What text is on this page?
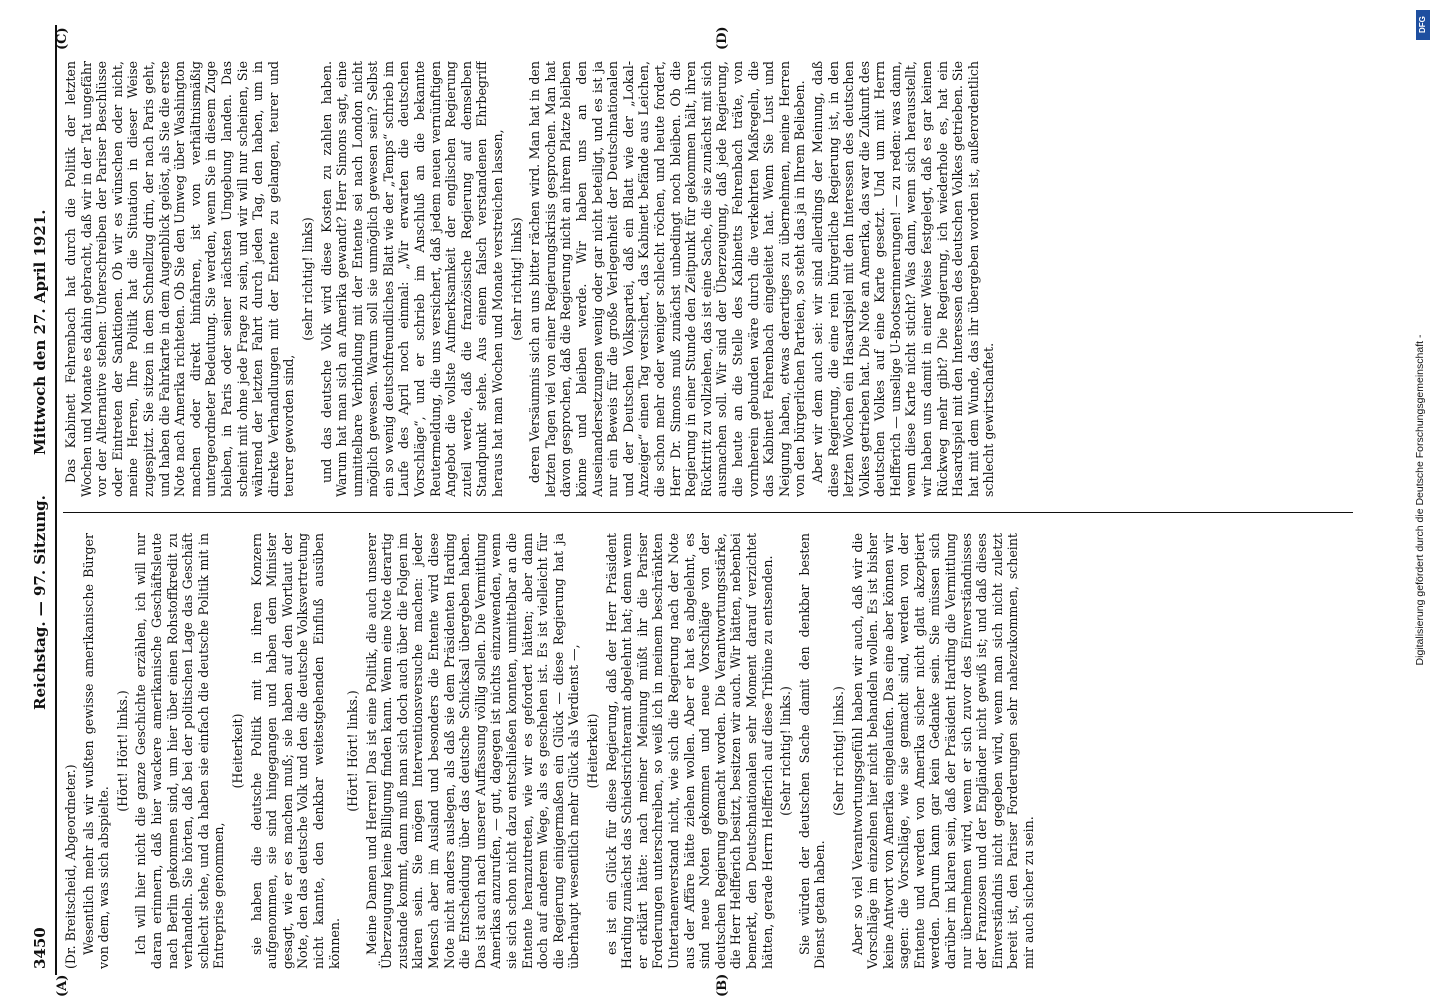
3450
Reichstag. — 97. Sitzung.
Mittwoch den 27. April 1921.
(A)	(B)
(C)	(D)

(Dr. Breitscheid, Abgeordneter.) Wesentlich mehr als wir wußten gewisse amerikanische Bürger von dem, was sich abspielte.

(Hört! Hört! links.) Ich will hier nicht die ganze Geschichte erzählen, ich will nur daran erinnern, daß hier wackere amerikanische Geschäftsleute nach Berlin gekommen sind, um hier über einen Rohstoffkredit zu verhandeln. Sie hörten, daß bei der politischen Lage das Geschäft schlecht stehe, und da haben sie einfach die deutsche Politik mit in Entreprise genommen,

(Heiterkeit) sie haben die deutsche Politik mit in ihren Konzern aufgenommen, sie sind hingegangen und haben dem Minister gesagt, wie er es machen muß; sie haben auf den Wortlaut der Note, den das deutsche Volk und den die deutsche Volksvertretung nicht kannte, den denkbar weitestgehenden Einfluß ausüben können.

(Hört! Hört! links.) Meine Damen und Herren! Das ist eine Politik, die auch unserer Überzeugung keine Billigung finden kann. Wenn eine Note derartig zustande kommt, dann muß man sich doch auch über die Folgen im klaren sein. Sie mögen Interventionsversuche machen: jeder Mensch aber im Ausland und besonders die Entente wird diese Note nicht anders auslegen, als daß sie dem Präsidenten Harding die Entscheidung über das deutsche Schicksal übergeben haben. Das ist auch nach unserer Auffassung völlig sollen. Die Vermittlung Amerikas anzurufen, — gut, dagegen ist nichts einzuwenden, wenn sie sich schon nicht dazu entschließen konnten, unmittelbar an die Entente heranzutreten, wie wir es gefordert hätten; aber dann doch auf anderem Wege, als es geschehen ist. Es ist vielleicht für die Regierung einigermaßen ein Glück — diese Regierung hat ja überhaupt wesentlich mehr Glück als Verdienst —, (Heiterkeit) es ist ein Glück für diese Regierung, daß der Herr Präsident Harding zunächst das Schiedsrichteramt abgelehnt hat; denn wenn er erklärt hätte: nach meiner Meinung müßt ihr die Pariser Forderungen unterschreiben, so weiß ich in meinem beschränkten Untertanenverstand nicht, wie sich die Regierung nach der Note aus der Affäre hätte ziehen wollen. Aber er hat es abgelehnt, es sind neue Noten gekommen und neue Vorschläge von der deutschen Regierung gemacht worden. Die Verantwortungsstärke, die Herr Helfferich besitzt, besitzen wir auch. Wir hätten, nebenbei bemerkt, den Deutschnationalen sehr Moment darauf verzichtet hätten, gerade Herrn Helfferich auf diese Tribüne zu entsenden. (Sehr richtig! links.) Sie würden der deutschen Sache damit den denkbar besten Dienst getan haben.

(Sehr richtig! links.) Aber so viel Verantwortungsgefühl haben wir auch, daß wir die Vorschläge im einzelnen hier nicht behandeln wollen. Es ist bisher keine Antwort von Amerika eingelaufen. Das eine aber können wir sagen: die Vorschläge, wie sie gemacht sind, werden von der Entente und werden von Amerika sicher nicht glatt akzeptiert werden. Darum kann gar kein Gedanke sein. Sie müssen sich darüber im klaren sein, daß der Präsident Harding die Vermittlung nur übernehmen wird, wenn er sich zuvor des Einverständnisses der Franzosen und der Engländer nicht gewiß ist; und daß dieses Einverständnis nicht gegeben wird, wenn man sich nicht zuletzt bereit ist, den Pariser Forderungen sehr nahezukommen, scheint mir auch sicher zu sein.

Das Kabinett Fehrenbach hat durch die Politik der letzten Wochen und Monate es dahin gebracht, daß wir in der Tat ungefähr vor der Alternative stehen: Unterschreiben der Pariser Beschlüsse oder Eintreten der Sanktionen. Ob wir es wünschen oder nicht, meine Herren, Ihre Politik hat die Situation in dieser Weise zugespitzt. Sie sitzen in dem Schnellzug drin, der nach Paris geht, und haben die Fahrkarte in dem Augenblick gelöst, als Sie die erste Note nach Amerika richteten. Ob Sie den Umweg über Washington machen oder direkt hinfahren, ist von verhältnismäßig untergeordneter Bedeutung. Sie werden, wenn Sie in diesem Zuge bleiben, in Paris oder seiner nächsten Umgebung landen. Das scheint mit ohne jede Frage zu sein, und wir will nur scheinen, Sie während der letzten Fahrt durch jeden Tag, den haben, um in direkte Verhandlungen mit der Entente zu gelangen, teurer und teurer geworden sind,

(sehr richtig! links) und das deutsche Volk wird diese Kosten zu zahlen haben. Warum hat man sich an Amerika gewandt? Herr Simons sagt, eine unmittelbare Verbindung mit der Entente sei nach London nicht möglich gewesen. Warum soll sie unmöglich gewesen sein? Selbst ein so wenig deutschfreundliches Blatt wie der „Temps“ schrieb im Laufe des April noch einmal: „Wir erwarten die deutschen Vorschläge“, und er schrieb im Anschluß an die bekannte Reutermeldung, die uns versichert, daß jedem neuen vernünftigen Angebot die vollste Aufmerksamkeit der englischen Regierung zuteil werde, daß die französische Regierung auf demselben Standpunkt stehe. Aus einem falsch verstandenen Ehrbegriff heraus hat man Wochen und Monate verstreichen lassen, (sehr richtig! links) deren Versäumnis sich an uns bitter rächen wird. Man hat in den letzten Tagen viel von einer Regierungskrisis gesprochen. Man hat davon gesprochen, daß die Regierung nicht an ihrem Platze bleiben könne und bleiben werde. Wir haben uns an den Auseinandersetzungen wenig oder gar nicht beteiligt, und es ist ja nur ein Beweis für die große Verlegenheit der Deutschnationalen und der Deutschen Volkspartei, daß ein Blatt wie der „Lokal-Anzeiger“ einen Tag versichert, das Kabinett befände aus Leichen, die schon mehr oder weniger schlecht röchen, und heute fordert, Herr Dr. Simons muß zunächst unbedingt noch bleiben. Ob die Regierung in einer Stunde den Zeitpunkt für gekommen hält, ihren Rücktritt zu vollziehen, das ist eine Sache, die sie zunächst mit sich ausmachen soll. Wir sind der Überzeugung, daß jede Regierung, die heute an die Stelle des Kabinetts Fehrenbach träte, von vornherein gebunden wäre durch die verkehrten Maßregeln, die das Kabinett Fehrenbach eingeleitet hat. Wenn Sie Lust und Neigung haben, etwas derartiges zu übernehmen, meine Herren von den bürgerlichen Parteien, so steht das ja in Ihrem Belieben. Aber wir dem auch sei: wir sind allerdings der Meinung, daß diese Regierung, die eine rein bürgerliche Regierung ist, in den letzten Wochen ein Hasardspiel mit den Interessen des deutschen Volkes getrieben hat. Die Note an Amerika, das war die Zukunft des deutschen Volkes auf eine Karte gesetzt. Und um mit Herrn Helfferich — unselige U-Bootserinnerungen! — zu reden: was dann, wenn diese Karte nicht sticht? Was dann, wenn sich herausstellt, wir haben uns damit in einer Weise festgelegt, daß es gar keinen Rückweg mehr gibt? Die Regierung, ich wiederhole es, hat ein Hasardspiel mit den Interessen des deutschen Volkes getrieben. Sie hat mit dem Wunde, das ihr übergeben worden ist, außerordentlich schlecht gewirtschaftet.	Digitalisierung gefördert durch die Deutsche Forschungsgemeinschaft -
DFG
